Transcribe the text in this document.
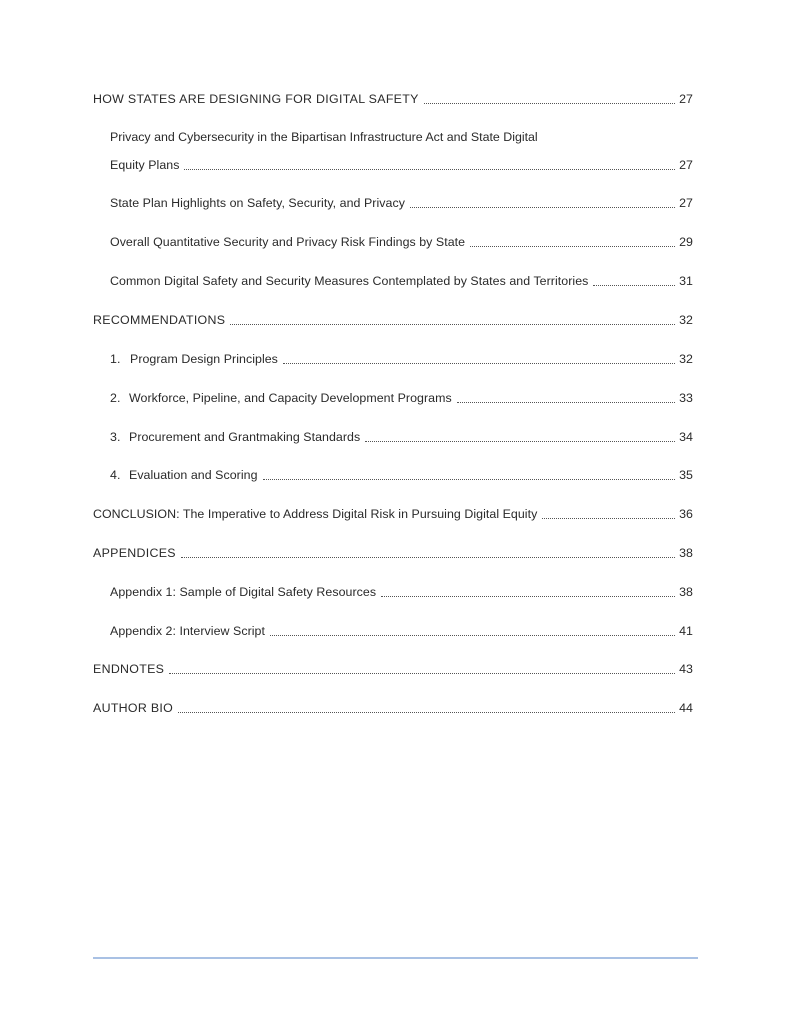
HOW STATES ARE DESIGNING FOR DIGITAL SAFETY	27
Privacy and Cybersecurity in the Bipartisan Infrastructure Act and State Digital
Equity Plans	27
State Plan Highlights on Safety, Security, and Privacy	27
Overall Quantitative Security and Privacy Risk Findings by State	29
Common Digital Safety and Security Measures Contemplated by States and Territories	31
RECOMMENDATIONS	32
1. Program Design Principles	32
2. Workforce, Pipeline, and Capacity Development Programs	33
3. Procurement and Grantmaking Standards	34
4. Evaluation and Scoring	35
CONCLUSION: The Imperative to Address Digital Risk in Pursuing Digital Equity	36
APPENDICES	38
Appendix 1: Sample of Digital Safety Resources	38
Appendix 2: Interview Script	41
ENDNOTES	43
AUTHOR BIO	44
